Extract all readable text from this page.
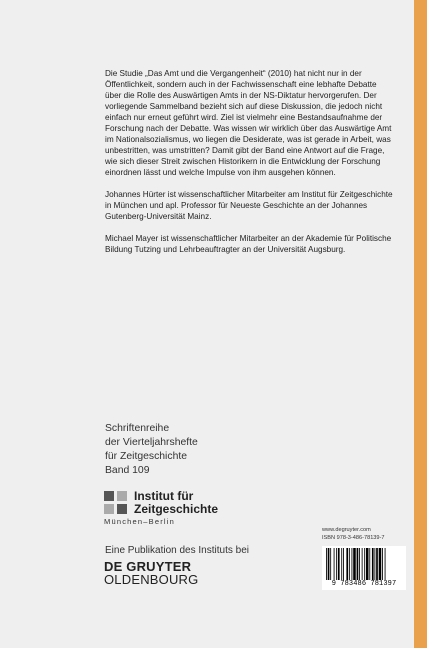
Die Studie „Das Amt und die Vergangenheit“ (2010) hat nicht nur in der Öffentlichkeit, sondern auch in der Fachwissenschaft eine lebhafte Debatte über die Rolle des Auswärtigen Amts in der NS-Diktatur hervorgerufen. Der vorliegende Sammelband bezieht sich auf diese Diskussion, die jedoch nicht einfach nur erneut geführt wird. Ziel ist vielmehr eine Bestandsaufnahme der Forschung nach der Debatte. Was wissen wir wirklich über das Auswärtige Amt im Nationalsozialismus, wo liegen die Desiderate, was ist gerade in Arbeit, was unbestritten, was umstritten? Damit gibt der Band eine Antwort auf die Frage, wie sich dieser Streit zwischen Historikern in die Entwicklung der Forschung einordnen lässt und welche Impulse von ihm ausgehen können.

Johannes Hürter ist wissenschaftlicher Mitarbeiter am Institut für Zeitgeschichte in München und apl. Professor für Neueste Geschichte an der Johannes Gutenberg-Universität Mainz.

Michael Mayer ist wissenschaftlicher Mitarbeiter an der Akademie für Politische Bildung Tutzing und Lehrbeauftragter an der Universität Augsburg.

Schriftenreihe
der Vierteljahrshefte
für Zeitgeschichte
Band 109
Institut für
Zeitgeschichte
München–Berlin
Eine Publikation des Instituts bei
DE GRUYTER
OLDENBOURG
www.degruyter.com
ISBN 978-3-486-78139-7
9 783486 781397
